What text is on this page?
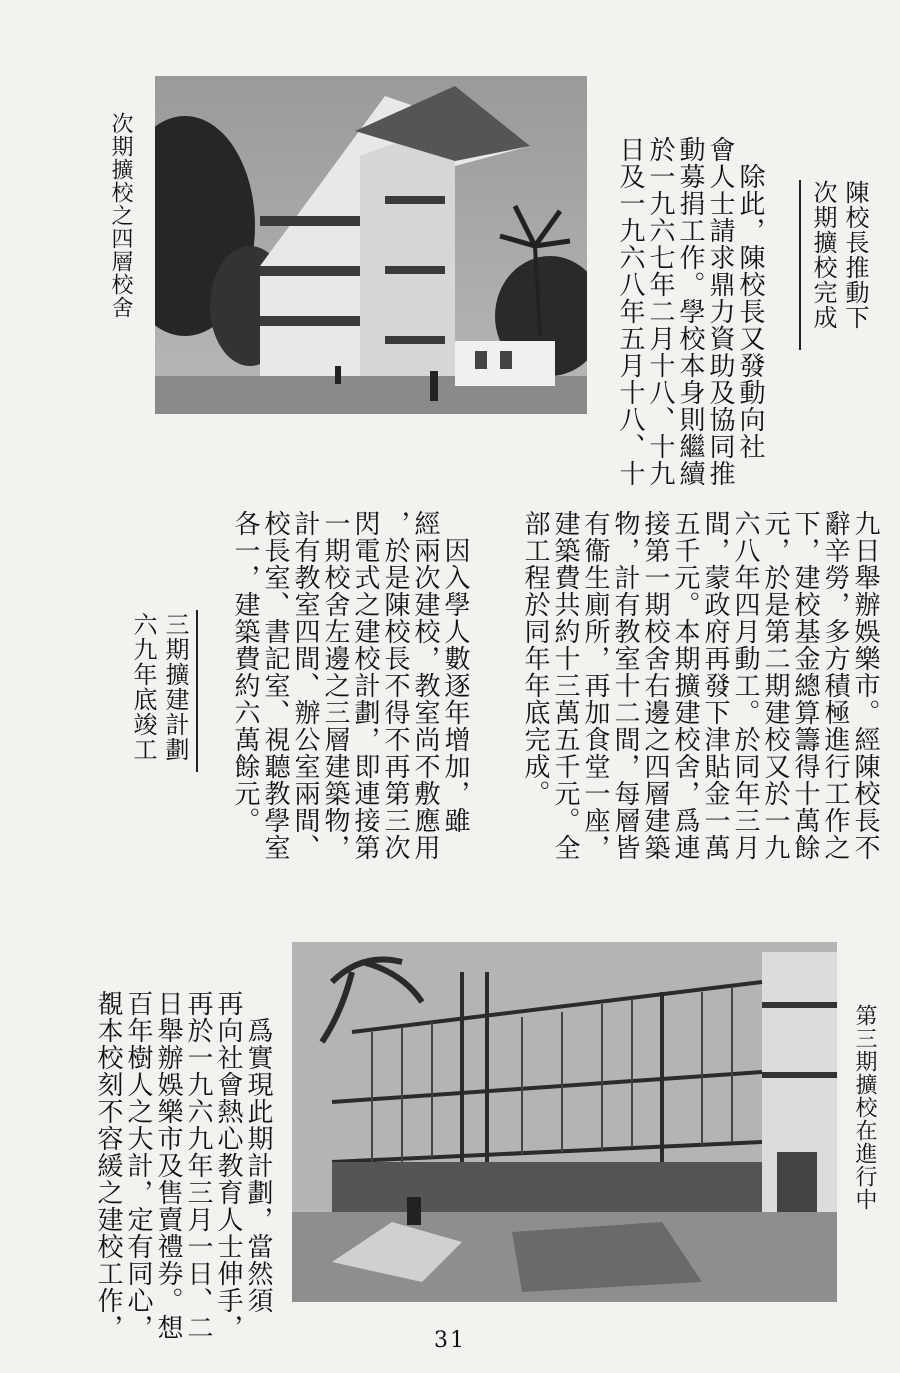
次期擴校之四層校舍	　除此，陳校長又發動向社
會人士請求鼎力資助及協同推
動募捐工作。學校本身則繼續
於一九六七年二月十八、十九
日及一九六八年五月十八、十	次期擴校完成 陳校長推動下
　因入學人數逐年增加，雖
經兩次建校，教室尚不敷應用
，於是陳校長不得不再第三次
閃電式之建校計劃，即連接第
一期校舍左邊之三層建築物，
計有教室四間、辦公室兩間、
校長室、書記室、視聽教學室
各一，建築費約六萬餘元。	九日舉辦娛樂市。經陳校長不
辭辛勞，多方積極進行工作之
下，建校基金總算籌得十萬餘
元，於是第二期建校又於一九
六八年四月動工。於同年三月
間，蒙政府再發下津貼金一萬
五千元。本期擴建校舍，爲連
接第一期校舍右邊之四層建築
物，計有教室十二間，每層皆
有衞生廁所，再加食堂一座，
建築費共約十三萬五千元。全
部工程於同年年底完成。
六九年底竣工 三期擴建計劃
　爲實現此期計劃，當然須
再向社會熱心教育人士伸手，
再於一九六九年三月一日、二
日舉辦娛樂市及售賣禮券。想
百年樹人之大計，定有同心，
覩本校刻不容緩之建校工作，	第三期擴校在進行中
31
